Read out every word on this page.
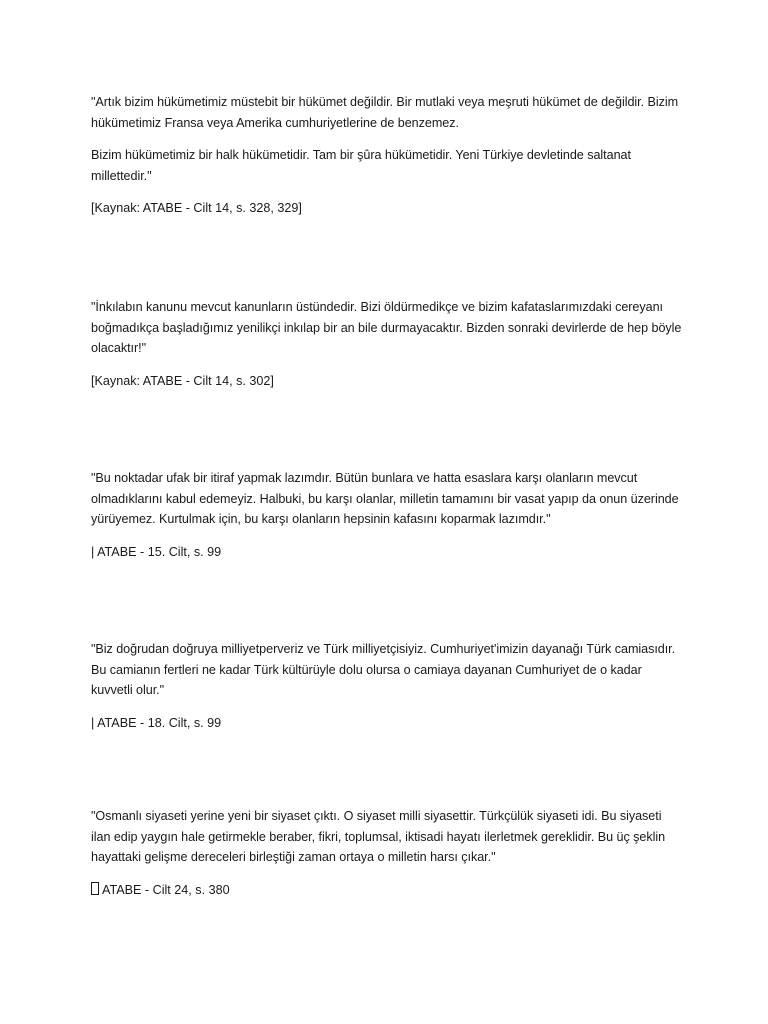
"Artık bizim hükümetimiz müstebit bir hükümet değildir. Bir mutlaki veya meşruti hükümet de değildir. Bizim hükümetimiz Fransa veya Amerika cumhuriyetlerine de benzemez.

Bizim hükümetimiz bir halk hükümetidir. Tam bir şûra hükümetidir. Yeni Türkiye devletinde saltanat millettedir."

[Kaynak: ATABE - Cilt 14, s. 328, 329]

"İnkılabın kanunu mevcut kanunların üstündedir. Bizi öldürmedikçe ve bizim kafataslarımızdaki cereyanı boğmadıkça başladığımız yenilikçi inkılap bir an bile durmayacaktır. Bizden sonraki devirlerde de hep böyle olacaktır!"

[Kaynak: ATABE - Cilt 14, s. 302]

"Bu noktadar ufak bir itiraf yapmak lazımdır. Bütün bunlara ve hatta esaslara karşı olanların mevcut olmadıklarını kabul edemeyiz. Halbuki, bu karşı olanlar, milletin tamamını bir vasat yapıp da onun üzerinde yürüyemez. Kurtulmak için, bu karşı olanların hepsinin kafasını koparmak lazımdır."

| ATABE - 15. Cilt, s. 99

"Biz doğrudan doğruya milliyetperveriz ve Türk milliyetçisiyiz. Cumhuriyet'imizin dayanağı Türk camiasıdır. Bu camianın fertleri ne kadar Türk kültürüyle dolu olursa o camiaya dayanan Cumhuriyet de o kadar kuvvetli olur."

| ATABE - 18. Cilt, s. 99

"Osmanlı siyaseti yerine yeni bir siyaset çıktı. O siyaset milli siyasettir. Türkçülük siyaseti idi. Bu siyaseti ilan edip yaygın hale getirmekle beraber, fikri, toplumsal, iktisadi hayatı ilerletmek gereklidir. Bu üç şeklin hayattaki gelişme dereceleri birleştiği zaman ortaya o milletin harsı çıkar."

ATABE - Cilt 24, s. 380
